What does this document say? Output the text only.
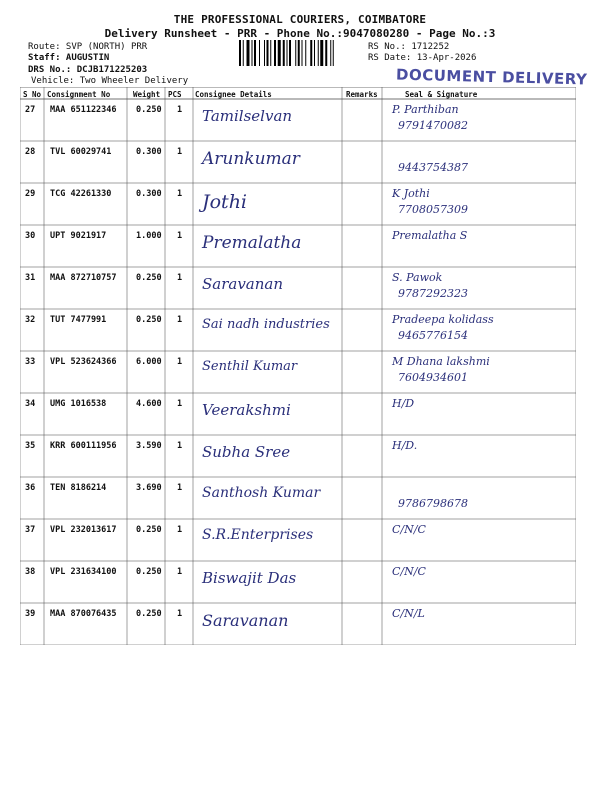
THE PROFESSIONAL COURIERS, COIMBATORE
Delivery Runsheet - PRR - Phone No.:9047080280 - Page No.:3
Route: SVP (NORTH) PRR
Staff: AUGUSTIN
DRS No.: DCJB171225203
Vehicle: Two Wheeler Delivery
RS No.: 1712252
RS Date: 13-Apr-2026
DOCUMENT DELIVERY
S No Consignment No	Weight PCS Consignee Details	Remarks	Seal & Signature
27 MAA 651122346 0.250 1 Tamilselvan	P. Parthiban
9791470082
28 TVL 60029741	0.300 1 Arunkumar	9443754387
29 TCG 42261330	0.300 1 Jothi	K Jothi
7708057309
30 UPT 9021917	1.000 1 Premalatha	Premalatha S
31 MAA 872710757 0.250 1 Saravanan	S. Pawok
9787292323
32 TUT 7477991	0.250 1 Sai nadh industries	Pradeepa kolidass
9465776154
33 VPL 523624366 6.000 1 Senthil Kumar	M Dhana lakshmi
7604934601
34 UMG 1016538	4.600 1 Veerakshmi	H/D
35 KRR 600111956 3.590 1 Subha Sree	H/D.
36 TEN 8186214	3.690 1 Santhosh Kumar
9786798678
37 VPL 232013617 0.250 1 S.R.Enterprises	C/N/C
38 VPL 231634100 0.250 1 Biswajit Das	C/N/C
39 MAA 870076435 0.250 1 Saravanan	C/N/L
